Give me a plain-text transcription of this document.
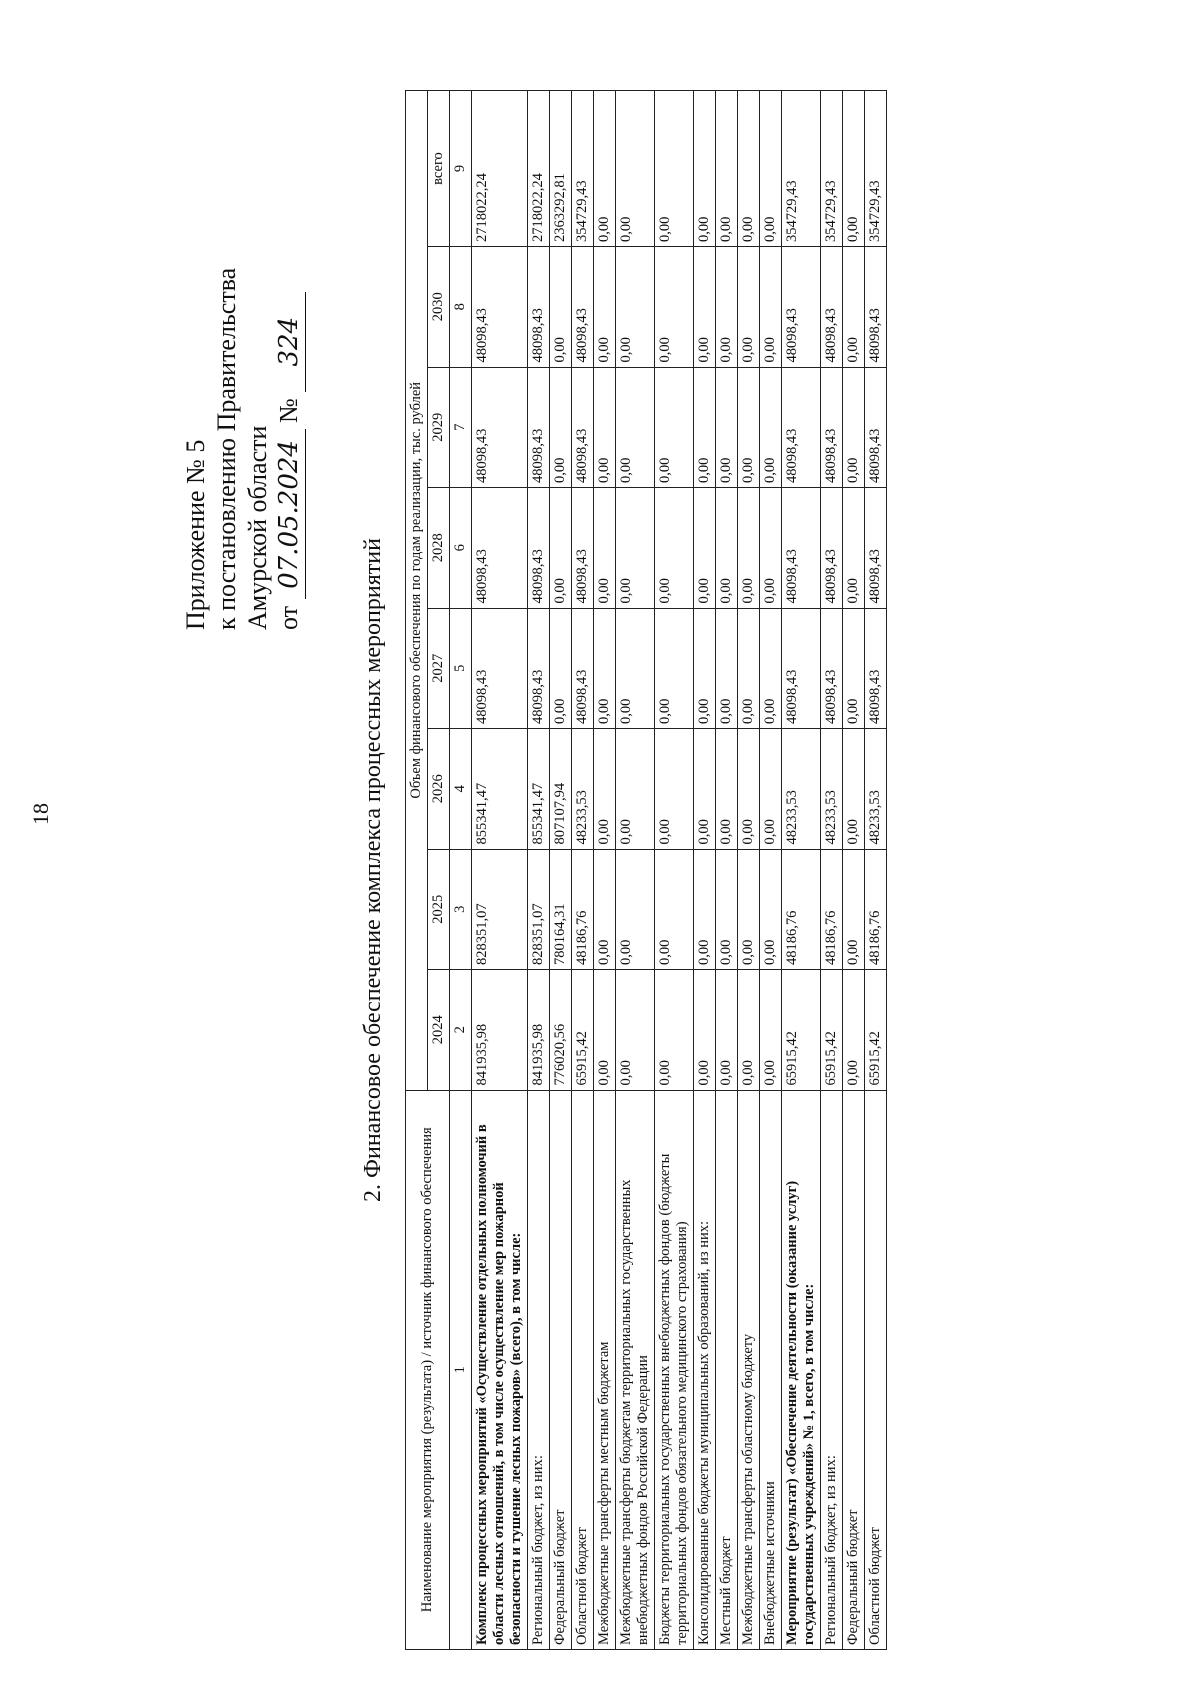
18
Приложение № 5 к постановлению Правительства Амурской области от 07.05.2024 № 324
2. Финансовое обеспечение комплекса процессных мероприятий
Наименование мероприятия (результата) / источник финансового обеспечения	Объем финансового обеспечения по годам реализации, тыс. рублей							
	2024	2025	2026	2027	2028	2029	2030	всего
1	2	3	4	5	6	7	8	9
Комплекс процессных мероприятий «Осуществление отдельных полномочий в области лесных отношений, в том числе осуществление мер пожарной безопасности и тушение лесных пожаров» (всего), в том числе:	841935,98	828351,07	855341,47	48098,43	48098,43	48098,43	48098,43	2718022,24
Региональный бюджет, из них:	841935,98	828351,07	855341,47	48098,43	48098,43	48098,43	48098,43	2718022,24
Федеральный бюджет	776020,56	780164,31	807107,94	0,00	0,00	0,00	0,00	2363292,81
Областной бюджет	65915,42	48186,76	48233,53	48098,43	48098,43	48098,43	48098,43	354729,43
Межбюджетные трансферты местным бюджетам	0,00	0,00	0,00	0,00	0,00	0,00	0,00	0,00
Межбюджетные трансферты бюджетам территориальных государственных внебюджетных фондов Российской Федерации	0,00	0,00	0,00	0,00	0,00	0,00	0,00	0,00
Бюджеты территориальных государственных внебюджетных фондов (бюджеты территориальных фондов обязательного медицинского страхования)	0,00	0,00	0,00	0,00	0,00	0,00	0,00	0,00
Консолидированные бюджеты муниципальных образований, из них:	0,00	0,00	0,00	0,00	0,00	0,00	0,00	0,00
Местный бюджет	0,00	0,00	0,00	0,00	0,00	0,00	0,00	0,00
Межбюджетные трансферты областному бюджету	0,00	0,00	0,00	0,00	0,00	0,00	0,00	0,00
Внебюджетные источники	0,00	0,00	0,00	0,00	0,00	0,00	0,00	0,00
Мероприятие (результат) «Обеспечение деятельности (оказание услуг) государственных учреждений» № 1, всего, в том числе:	65915,42	48186,76	48233,53	48098,43	48098,43	48098,43	48098,43	354729,43
Региональный бюджет, из них:	65915,42	48186,76	48233,53	48098,43	48098,43	48098,43	48098,43	354729,43
Федеральный бюджет	0,00	0,00	0,00	0,00	0,00	0,00	0,00	0,00
Областной бюджет	65915,42	48186,76	48233,53	48098,43	48098,43	48098,43	48098,43	354729,43
